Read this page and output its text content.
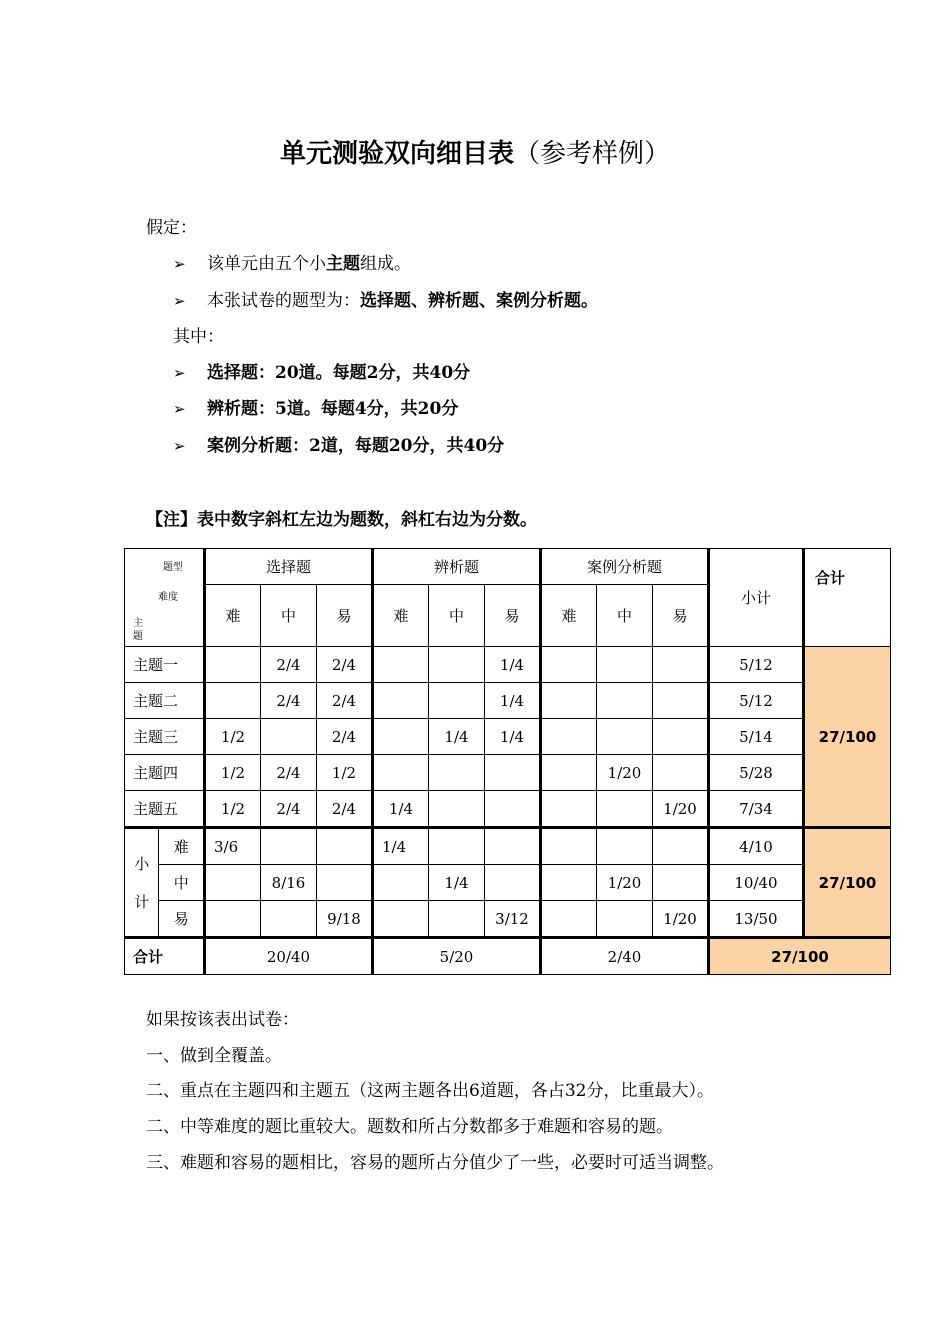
单元测验双向细目表（参考样例）
假定：
➢ 该单元由五个小主题组成。
➢ 本张试卷的题型为：选择题、辨析题、案例分析题。
其中：
➢ 选择题：20道。每题2分，共40分
➢ 辨析题：5道。每题4分，共20分
➢ 案例分析题：2道，每题20分，共40分
【注】表中数字斜杠左边为题数，斜杠右边为分数。
题型
难度
主
题		选择题			辨析题			案例分析题			小计	合计
		难	中	易	难	中	易	难	中	易		
主题一			2/4	2/4			1/4				5/12	27/100
主题二			2/4	2/4			1/4				5/12	
主题三		1/2		2/4		1/4	1/4				5/14	
主题四		1/2	2/4	1/2					1/20		5/28	
主题五		1/2	2/4	2/4	1/4					1/20	7/34	
小
计	难	3/6			1/4						4/10	27/100
	中		8/16			1/4			1/20		10/40	
	易			9/18			3/12			1/20	13/50	
合计		20/40			5/20			2/40			27/100	
如果按该表出试卷：
一、做到全覆盖。
二、重点在主题四和主题五（这两主题各出6道题，各占32分，比重最大）。
二、中等难度的题比重较大。题数和所占分数都多于难题和容易的题。
三、难题和容易的题相比，容易的题所占分值少了一些，必要时可适当调整。
